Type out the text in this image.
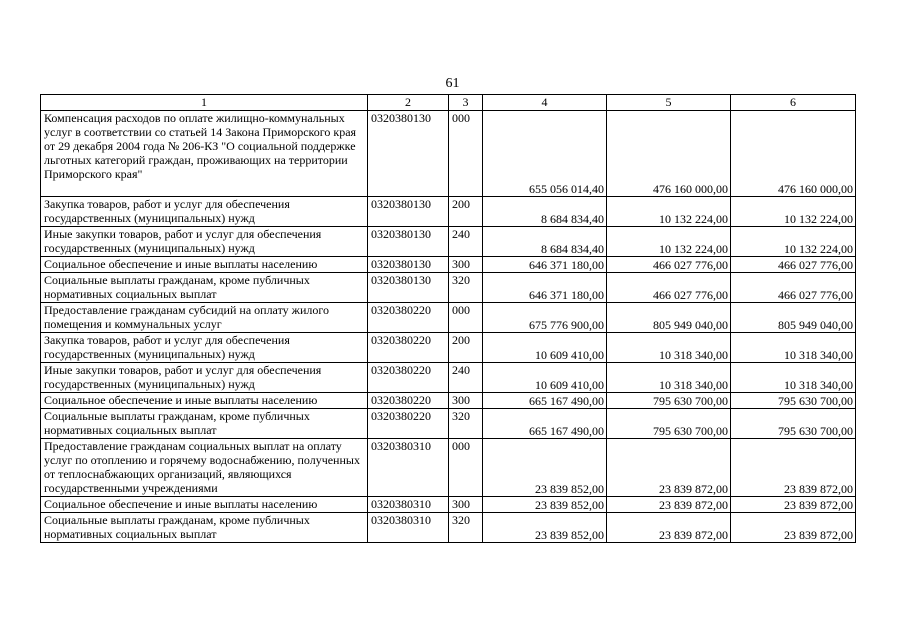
61
1	2	3	4	5	6
Компенсация расходов по оплате жилищно-коммунальных услуг в соответствии со статьей 14 Закона Приморского края от 29 декабря 2004 года № 206-КЗ "О социальной поддержке льготных категорий граждан, проживающих на территории Приморского края"	0320380130	000	655 056 014,40	476 160 000,00	476 160 000,00
Закупка товаров, работ и услуг для обеспечения государственных (муниципальных) нужд	0320380130	200	8 684 834,40	10 132 224,00	10 132 224,00
Иные закупки товаров, работ и услуг для обеспечения государственных (муниципальных) нужд	0320380130	240	8 684 834,40	10 132 224,00	10 132 224,00
Социальное обеспечение и иные выплаты населению	0320380130	300	646 371 180,00	466 027 776,00	466 027 776,00
Социальные выплаты гражданам, кроме публичных нормативных социальных выплат	0320380130	320	646 371 180,00	466 027 776,00	466 027 776,00
Предоставление гражданам субсидий на оплату жилого помещения и коммунальных услуг	0320380220	000	675 776 900,00	805 949 040,00	805 949 040,00
Закупка товаров, работ и услуг для обеспечения государственных (муниципальных) нужд	0320380220	200	10 609 410,00	10 318 340,00	10 318 340,00
Иные закупки товаров, работ и услуг для обеспечения государственных (муниципальных) нужд	0320380220	240	10 609 410,00	10 318 340,00	10 318 340,00
Социальное обеспечение и иные выплаты населению	0320380220	300	665 167 490,00	795 630 700,00	795 630 700,00
Социальные выплаты гражданам, кроме публичных нормативных социальных выплат	0320380220	320	665 167 490,00	795 630 700,00	795 630 700,00
Предоставление гражданам социальных выплат на оплату услуг по отоплению и горячему водоснабжению, полученных от теплоснабжающих организаций, являющихся государственными учреждениями	0320380310	000	23 839 852,00	23 839 872,00	23 839 872,00
Социальное обеспечение и иные выплаты населению	0320380310	300	23 839 852,00	23 839 872,00	23 839 872,00
Социальные выплаты гражданам, кроме публичных нормативных социальных выплат	0320380310	320	23 839 852,00	23 839 872,00	23 839 872,00
